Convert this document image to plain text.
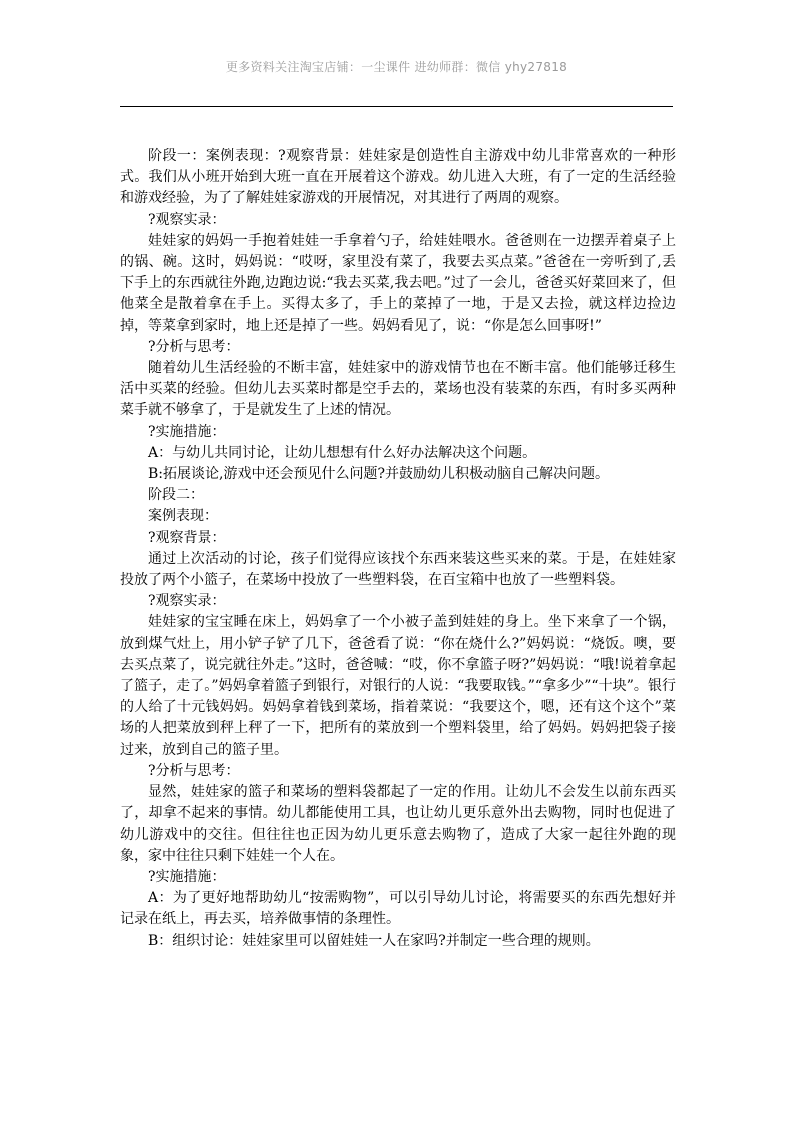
更多资料关注淘宝店铺：一尘课件 进幼师群：微信 yhy27818

阶段一：案例表现：?观察背景：娃娃家是创造性自主游戏中幼儿非常喜欢的一种形式。我们从小班开始到大班一直在开展着这个游戏。幼儿进入大班，有了一定的生活经验和游戏经验，为了了解娃娃家游戏的开展情况，对其进行了两周的观察。

?观察实录：

娃娃家的妈妈一手抱着娃娃一手拿着勺子，给娃娃喂水。爸爸则在一边摆弄着桌子上的锅、碗。这时，妈妈说：“哎呀，家里没有菜了，我要去买点菜。”爸爸在一旁听到了,丢下手上的东西就往外跑,边跑边说:“我去买菜,我去吧。”过了一会儿，爸爸买好菜回来了，但他菜全是散着拿在手上。买得太多了，手上的菜掉了一地，于是又去捡，就这样边捡边掉，等菜拿到家时，地上还是掉了一些。妈妈看见了，说：“你是怎么回事呀!”

?分析与思考：

随着幼儿生活经验的不断丰富，娃娃家中的游戏情节也在不断丰富。他们能够迁移生活中买菜的经验。但幼儿去买菜时都是空手去的，菜场也没有装菜的东西，有时多买两种菜手就不够拿了，于是就发生了上述的情况。

?实施措施：

A：与幼儿共同讨论，让幼儿想想有什么好办法解决这个问题。

B:拓展谈论,游戏中还会预见什么问题?并鼓励幼儿积极动脑自己解决问题。

阶段二：

案例表现：

?观察背景：

通过上次活动的讨论，孩子们觉得应该找个东西来装这些买来的菜。于是，在娃娃家投放了两个小篮子，在菜场中投放了一些塑料袋，在百宝箱中也放了一些塑料袋。

?观察实录：

娃娃家的宝宝睡在床上，妈妈拿了一个小被子盖到娃娃的身上。坐下来拿了一个锅，放到煤气灶上，用小铲子铲了几下，爸爸看了说：“你在烧什么?”妈妈说：“烧饭。噢，要去买点菜了，说完就往外走。”这时，爸爸喊：“哎，你不拿篮子呀?”妈妈说：“哦!说着拿起了篮子，走了。”妈妈拿着篮子到银行，对银行的人说：“我要取钱。”“拿多少”“十块”。银行的人给了十元钱妈妈。妈妈拿着钱到菜场，指着菜说：“我要这个，嗯，还有这个这个”菜场的人把菜放到秤上秤了一下，把所有的菜放到一个塑料袋里，给了妈妈。妈妈把袋子接过来，放到自己的篮子里。

?分析与思考：

显然，娃娃家的篮子和菜场的塑料袋都起了一定的作用。让幼儿不会发生以前东西买了，却拿不起来的事情。幼儿都能使用工具，也让幼儿更乐意外出去购物，同时也促进了幼儿游戏中的交往。但往往也正因为幼儿更乐意去购物了，造成了大家一起往外跑的现象，家中往往只剩下娃娃一个人在。

?实施措施：

A：为了更好地帮助幼儿“按需购物”，可以引导幼儿讨论，将需要买的东西先想好并记录在纸上，再去买，培养做事情的条理性。

B：组织讨论：娃娃家里可以留娃娃一人在家吗?并制定一些合理的规则。
